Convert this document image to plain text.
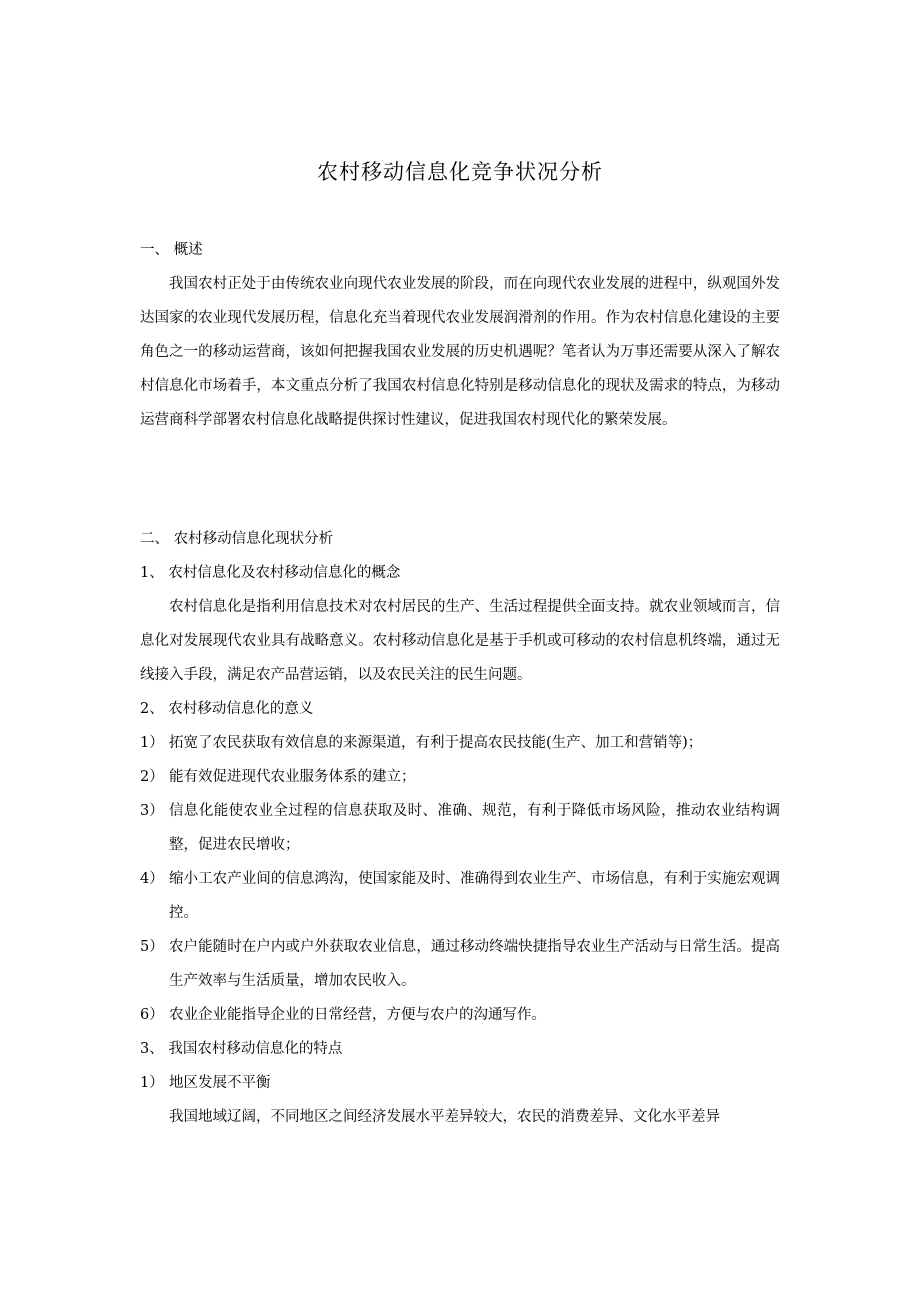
农村移动信息化竞争状况分析

一、 概述

我国农村正处于由传统农业向现代农业发展的阶段，而在向现代农业发展的进程中，纵观国外发达国家的农业现代发展历程，信息化充当着现代农业发展润滑剂的作用。作为农村信息化建设的主要角色之一的移动运营商，该如何把握我国农业发展的历史机遇呢？笔者认为万事还需要从深入了解农村信息化市场着手，本文重点分析了我国农村信息化特别是移动信息化的现状及需求的特点，为移动运营商科学部署农村信息化战略提供探讨性建议，促进我国农村现代化的繁荣发展。

二、 农村移动信息化现状分析

1、 农村信息化及农村移动信息化的概念

农村信息化是指利用信息技术对农村居民的生产、生活过程提供全面支持。就农业领域而言，信息化对发展现代农业具有战略意义。农村移动信息化是基于手机或可移动的农村信息机终端，通过无线接入手段，满足农产品营运销，以及农民关注的民生问题。

2、 农村移动信息化的意义

1） 拓宽了农民获取有效信息的来源渠道，有利于提高农民技能(生产、加工和营销等)；
2） 能有效促进现代农业服务体系的建立；
3） 信息化能使农业全过程的信息获取及时、准确、规范，有利于降低市场风险，推动农业结构调整，促进农民增收；
4） 缩小工农产业间的信息鸿沟，使国家能及时、准确得到农业生产、市场信息，有利于实施宏观调控。
5） 农户能随时在户内或户外获取农业信息，通过移动终端快捷指导农业生产活动与日常生活。提高生产效率与生活质量，增加农民收入。
6） 农业企业能指导企业的日常经营，方便与农户的沟通写作。

3、 我国农村移动信息化的特点

1） 地区发展不平衡

我国地域辽阔，不同地区之间经济发展水平差异较大，农民的消费差异、文化水平差异
